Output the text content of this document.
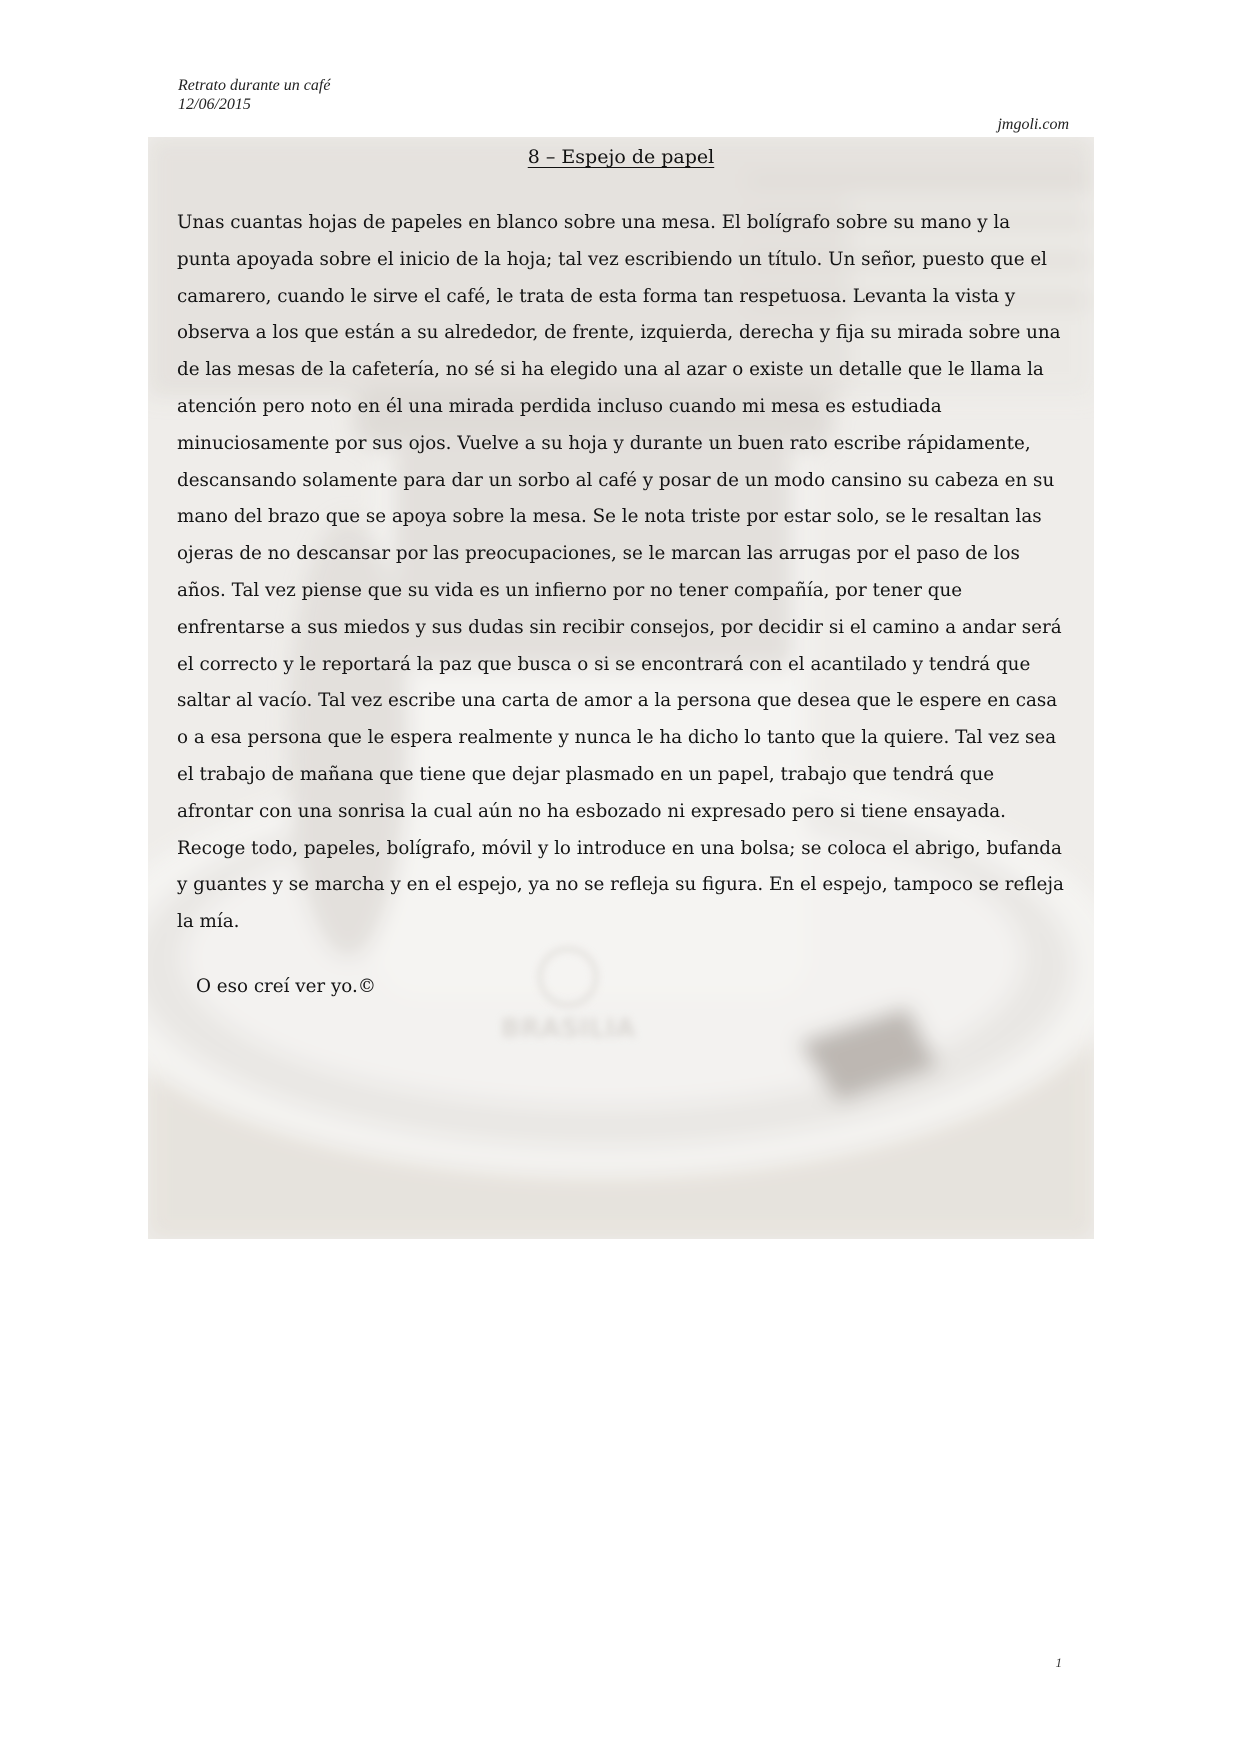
Retrato durante un café
12/06/2015
jmgoli.com
BRASILIA
8 – Espejo de papel

Unas cuantas hojas de papeles en blanco sobre una mesa. El bolígrafo sobre su mano y la punta apoyada sobre el inicio de la hoja; tal vez escribiendo un título. Un señor, puesto que el camarero, cuando le sirve el café, le trata de esta forma tan respetuosa. Levanta la vista y observa a los que están a su alrededor, de frente, izquierda, derecha y fija su mirada sobre una de las mesas de la cafetería, no sé si ha elegido una al azar o existe un detalle que le llama la atención pero noto en él una mirada perdida incluso cuando mi mesa es estudiada minuciosamente por sus ojos. Vuelve a su hoja y durante un buen rato escribe rápidamente, descansando solamente para dar un sorbo al café y posar de un modo cansino su cabeza en su mano del brazo que se apoya sobre la mesa. Se le nota triste por estar solo, se le resaltan las ojeras de no descansar por las preocupaciones, se le marcan las arrugas por el paso de los años. Tal vez piense que su vida es un infierno por no tener compañía, por tener que enfrentarse a sus miedos y sus dudas sin recibir consejos, por decidir si el camino a andar será el correcto y le reportará la paz que busca o si se encontrará con el acantilado y tendrá que saltar al vacío. Tal vez escribe una carta de amor a la persona que desea que le espere en casa o a esa persona que le espera realmente y nunca le ha dicho lo tanto que la quiere. Tal vez sea el trabajo de mañana que tiene que dejar plasmado en un papel, trabajo que tendrá que afrontar con una sonrisa la cual aún no ha esbozado ni expresado pero si tiene ensayada. Recoge todo, papeles, bolígrafo, móvil y lo introduce en una bolsa; se coloca el abrigo, bufanda y guantes y se marcha y en el espejo, ya no se refleja su figura. En el espejo, tampoco se refleja la mía.

O eso creí ver yo.©
1
